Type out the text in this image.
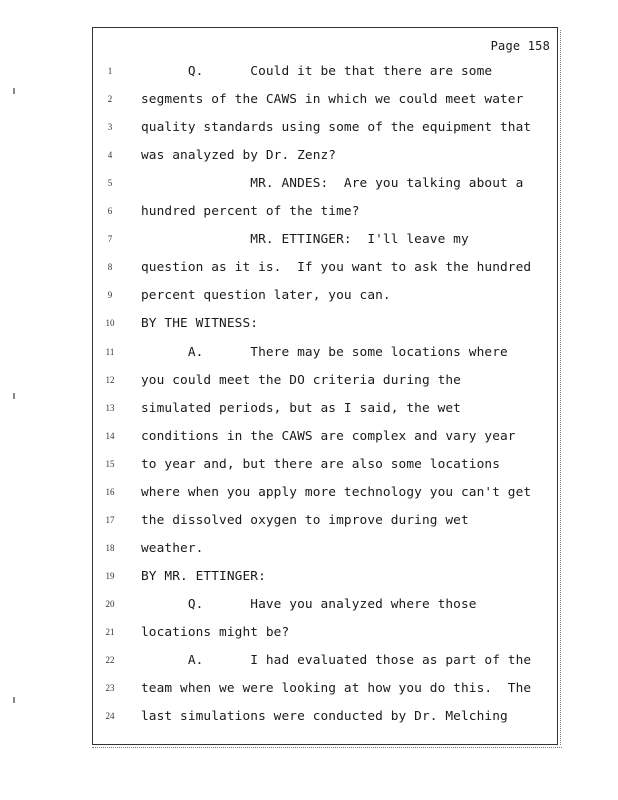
Page 158
1	Q.      Could it be that there are some
2	segments of the CAWS in which we could meet water
3	quality standards using some of the equipment that
4	was analyzed by Dr. Zenz?
5	MR. ANDES:  Are you talking about a
6	hundred percent of the time?
7	MR. ETTINGER:  I'll leave my
8	question as it is.  If you want to ask the hundred
9	percent question later, you can.
10	BY THE WITNESS:
11	A.      There may be some locations where
12	you could meet the DO criteria during the
13	simulated periods, but as I said, the wet
14	conditions in the CAWS are complex and vary year
15	to year and, but there are also some locations
16	where when you apply more technology you can't get
17	the dissolved oxygen to improve during wet
18	weather.
19	BY MR. ETTINGER:
20	Q.      Have you analyzed where those
21	locations might be?
22	A.      I had evaluated those as part of the
23	team when we were looking at how you do this.  The
24	last simulations were conducted by Dr. Melching
